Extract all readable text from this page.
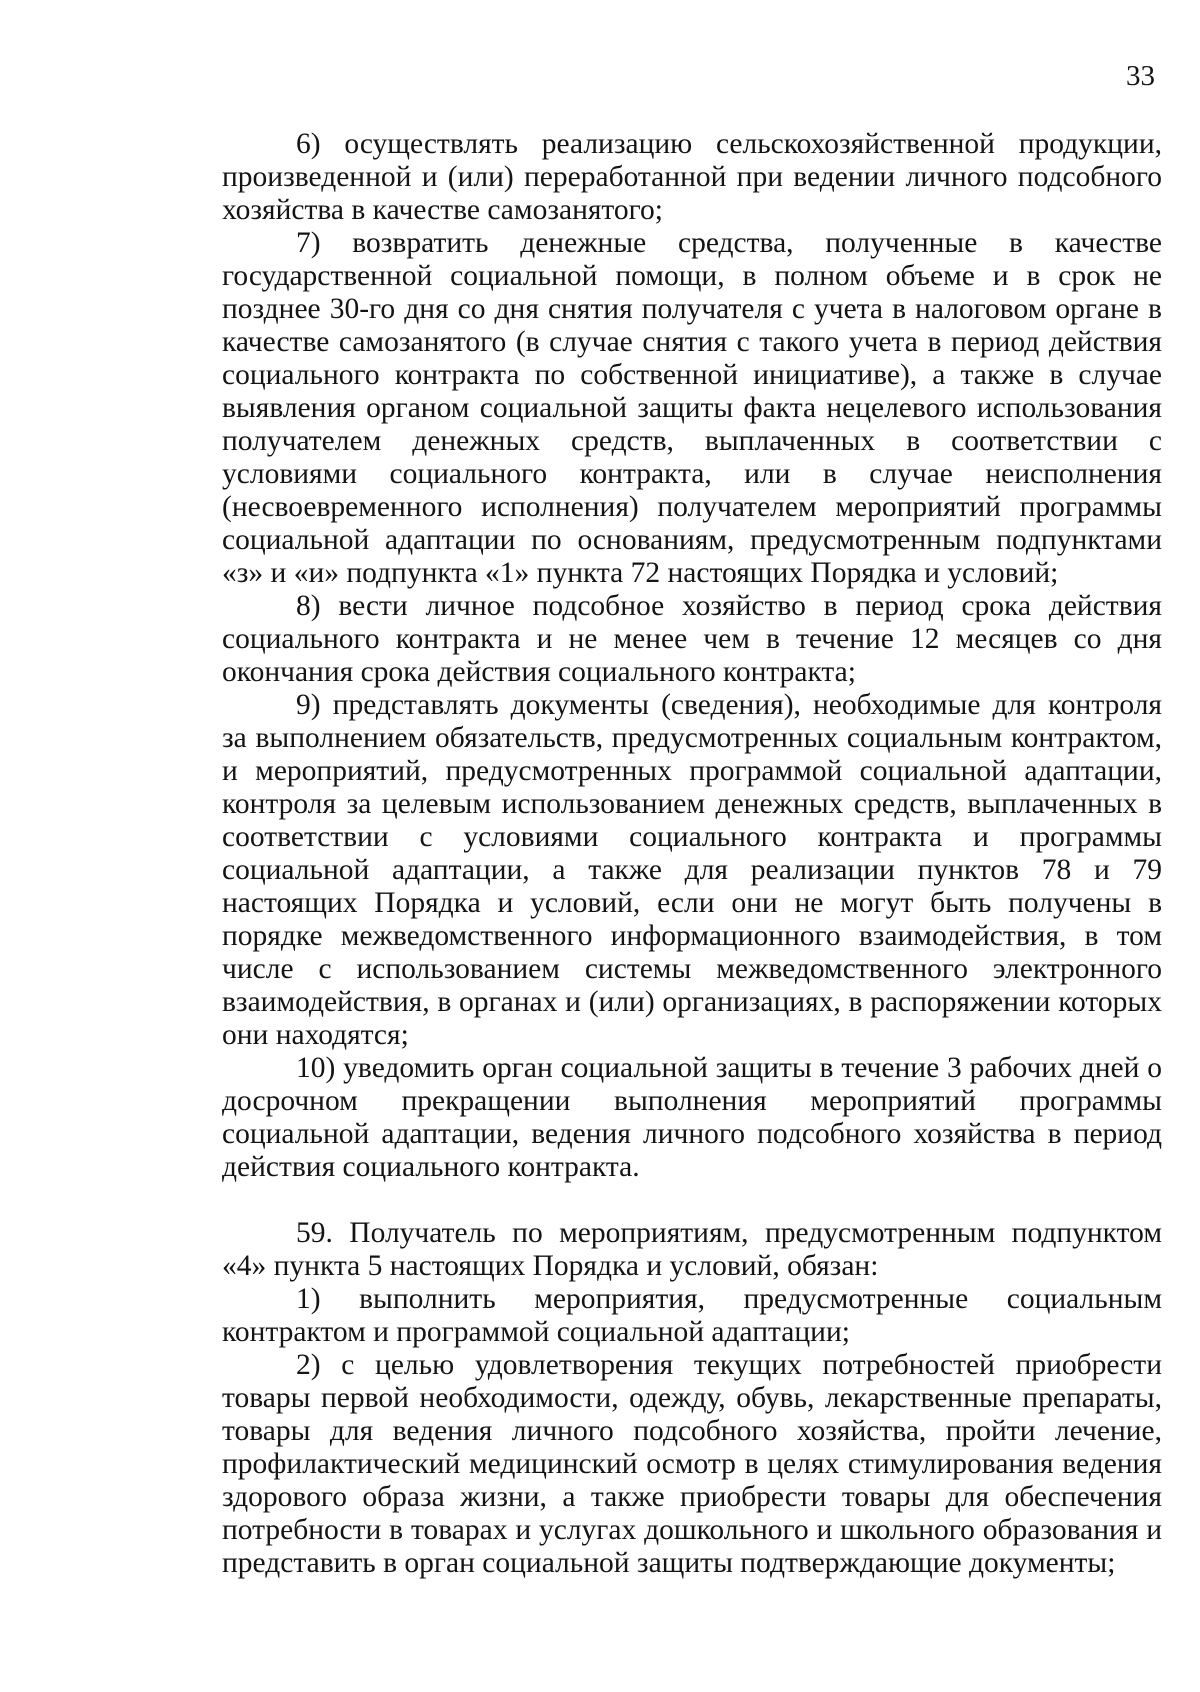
33

6) осуществлять реализацию сельскохозяйственной продукции, произведенной и (или) переработанной при ведении личного подсобного хозяйства в качестве самозанятого;

7) возвратить денежные средства, полученные в качестве государственной социальной помощи, в полном объеме и в срок не позднее 30-го дня со дня снятия получателя с учета в налоговом органе в качестве самозанятого (в случае снятия с такого учета в период действия социального контракта по собственной инициативе), а также в случае выявления органом социальной защиты факта нецелевого использования получателем денежных средств, выплаченных в соответствии с условиями социального контракта, или в случае неисполнения (несвоевременного исполнения) получателем мероприятий программы социальной адаптации по основаниям, предусмотренным подпунктами «з» и «и» подпункта «1» пункта 72 настоящих Порядка и условий;

8) вести личное подсобное хозяйство в период срока действия социального контракта и не менее чем в течение 12 месяцев со дня окончания срока действия социального контракта;

9) представлять документы (сведения), необходимые для контроля за выполнением обязательств, предусмотренных социальным контрактом, и мероприятий, предусмотренных программой социальной адаптации, контроля за целевым использованием денежных средств, выплаченных в соответствии с условиями социального контракта и программы социальной адаптации, а также для реализации пунктов 78 и 79 настоящих Порядка и условий, если они не могут быть получены в порядке межведомственного информационного взаимодействия, в том числе с использованием системы межведомственного электронного взаимодействия, в органах и (или) организациях, в распоряжении которых они находятся;

10) уведомить орган социальной защиты в течение 3 рабочих дней о досрочном прекращении выполнения мероприятий программы социальной адаптации, ведения личного подсобного хозяйства в период действия социального контракта.

59. Получатель по мероприятиям, предусмотренным подпунктом «4» пункта 5 настоящих Порядка и условий, обязан:

1) выполнить мероприятия, предусмотренные социальным контрактом и программой социальной адаптации;

2) с целью удовлетворения текущих потребностей приобрести товары первой необходимости, одежду, обувь, лекарственные препараты, товары для ведения личного подсобного хозяйства, пройти лечение, профилактический медицинский осмотр в целях стимулирования ведения здорового образа жизни, а также приобрести товары для обеспечения потребности в товарах и услугах дошкольного и школьного образования и представить в орган социальной защиты подтверждающие документы;
